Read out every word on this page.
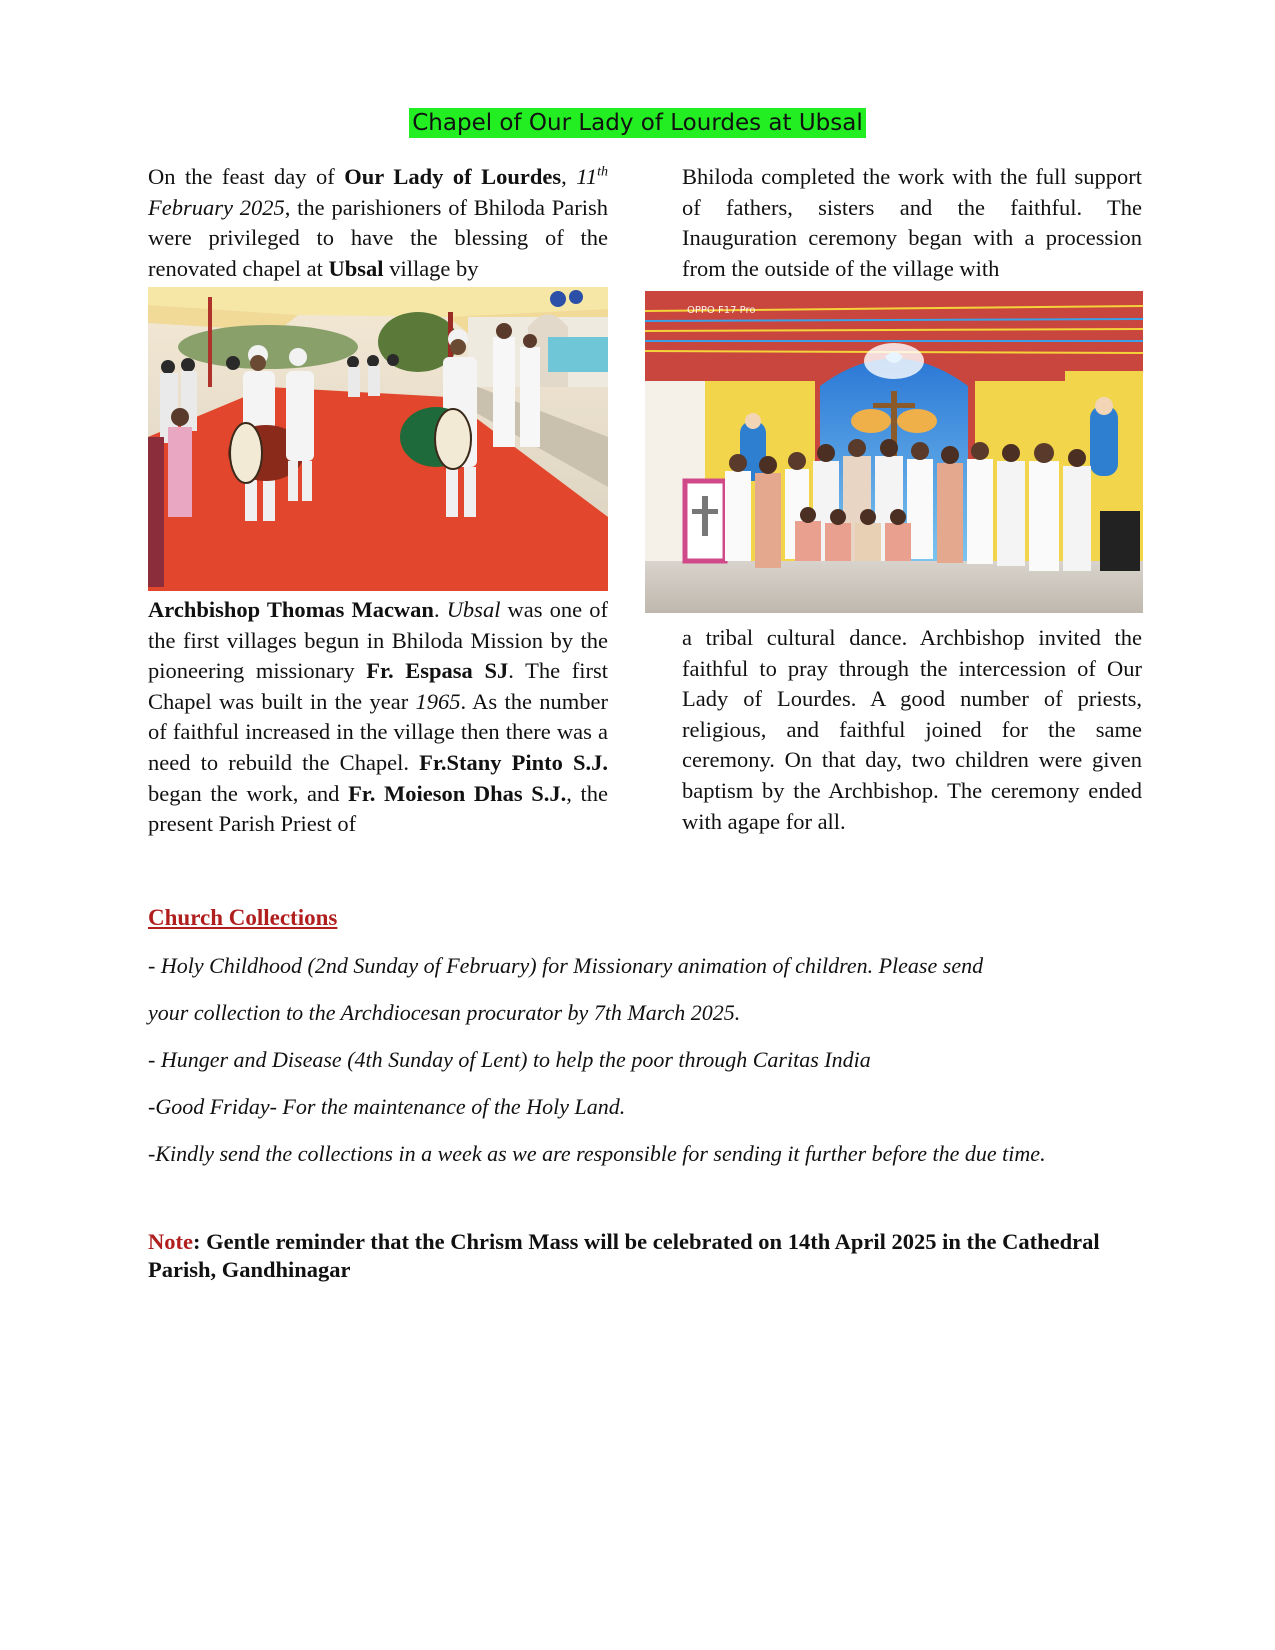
Chapel of Our Lady of Lourdes at Ubsal

On the feast day of Our Lady of Lourdes, 11th February 2025, the parishioners of Bhiloda Parish were privileged to have the blessing of the renovated chapel at Ubsal village by

Archbishop Thomas Macwan. Ubsal was one of the first villages begun in Bhiloda Mission by the pioneering missionary Fr. Espasa SJ. The first Chapel was built in the year 1965. As the number of faithful increased in the village then there was a need to rebuild the Chapel. Fr.Stany Pinto S.J. began the work, and Fr. Moieson Dhas S.J., the present Parish Priest of

Bhiloda completed the work with the full support of fathers, sisters and the faithful. The Inauguration ceremony began with a procession from the outside of the village with

OPPO F17 Pro

a tribal cultural dance. Archbishop invited the faithful to pray through the intercession of Our Lady of Lourdes. A good number of priests, religious, and faithful joined for the same ceremony. On that day, two children were given baptism by the Archbishop. The ceremony ended with agape for all.

Church Collections

- Holy Childhood (2nd Sunday of February) for Missionary animation of children. Please send

your collection to the Archdiocesan procurator by 7th March 2025.

- Hunger and Disease (4th Sunday of Lent) to help the poor through Caritas India

-Good Friday- For the maintenance of the Holy Land.

-Kindly send the collections in a week as we are responsible for sending it further before the due time.

Note: Gentle reminder that the Chrism Mass will be celebrated on 14th April 2025 in the Cathedral Parish, Gandhinagar
